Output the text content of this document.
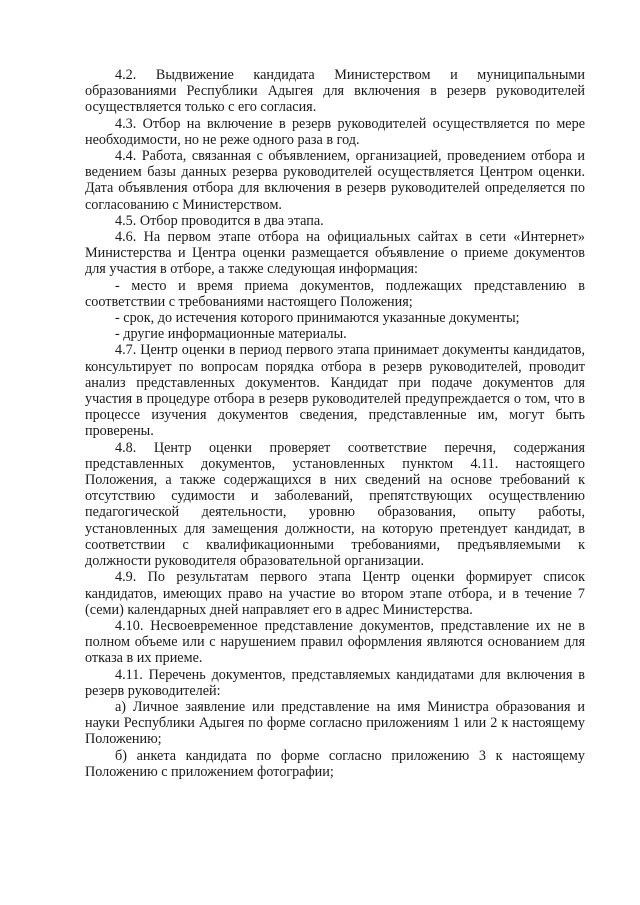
4.2. Выдвижение кандидата Министерством и муниципальными образованиями Республики Адыгея для включения в резерв руководителей осуществляется только с его согласия.

4.3. Отбор на включение в резерв руководителей осуществляется по мере необходимости, но не реже одного раза в год.

4.4. Работа, связанная с объявлением, организацией, проведением отбора и ведением базы данных резерва руководителей осуществляется Центром оценки. Дата объявления отбора для включения в резерв руководителей определяется по согласованию с Министерством.

4.5. Отбор проводится в два этапа.

4.6. На первом этапе отбора на официальных сайтах в сети «Интернет» Министерства и Центра оценки размещается объявление о приеме документов для участия в отборе, а также следующая информация:

- место и время приема документов, подлежащих представлению в соответствии с требованиями настоящего Положения;

- срок, до истечения которого принимаются указанные документы;

- другие информационные материалы.

4.7. Центр оценки в период первого этапа принимает документы кандидатов, консультирует по вопросам порядка отбора в резерв руководителей, проводит анализ представленных документов. Кандидат при подаче документов для участия в процедуре отбора в резерв руководителей предупреждается о том, что в процессе изучения документов сведения, представленные им, могут быть проверены.

4.8. Центр оценки проверяет соответствие перечня, содержания представленных документов, установленных пунктом 4.11. настоящего Положения, а также содержащихся в них сведений на основе требований к отсутствию судимости и заболеваний, препятствующих осуществлению педагогической деятельности, уровню образования, опыту работы, установленных для замещения должности, на которую претендует кандидат, в соответствии с квалификационными требованиями, предъявляемыми к должности руководителя образовательной организации.

4.9. По результатам первого этапа Центр оценки формирует список кандидатов, имеющих право на участие во втором этапе отбора, и в течение 7 (семи) календарных дней направляет его в адрес Министерства.

4.10. Несвоевременное представление документов, представление их не в полном объеме или с нарушением правил оформления являются основанием для отказа в их приеме.

4.11. Перечень документов, представляемых кандидатами для включения в резерв руководителей:

а) Личное заявление или представление на имя Министра образования и науки Республики Адыгея по форме согласно приложениям 1 или 2 к настоящему Положению;

б) анкета кандидата по форме согласно приложению 3 к настоящему Положению с приложением фотографии;
